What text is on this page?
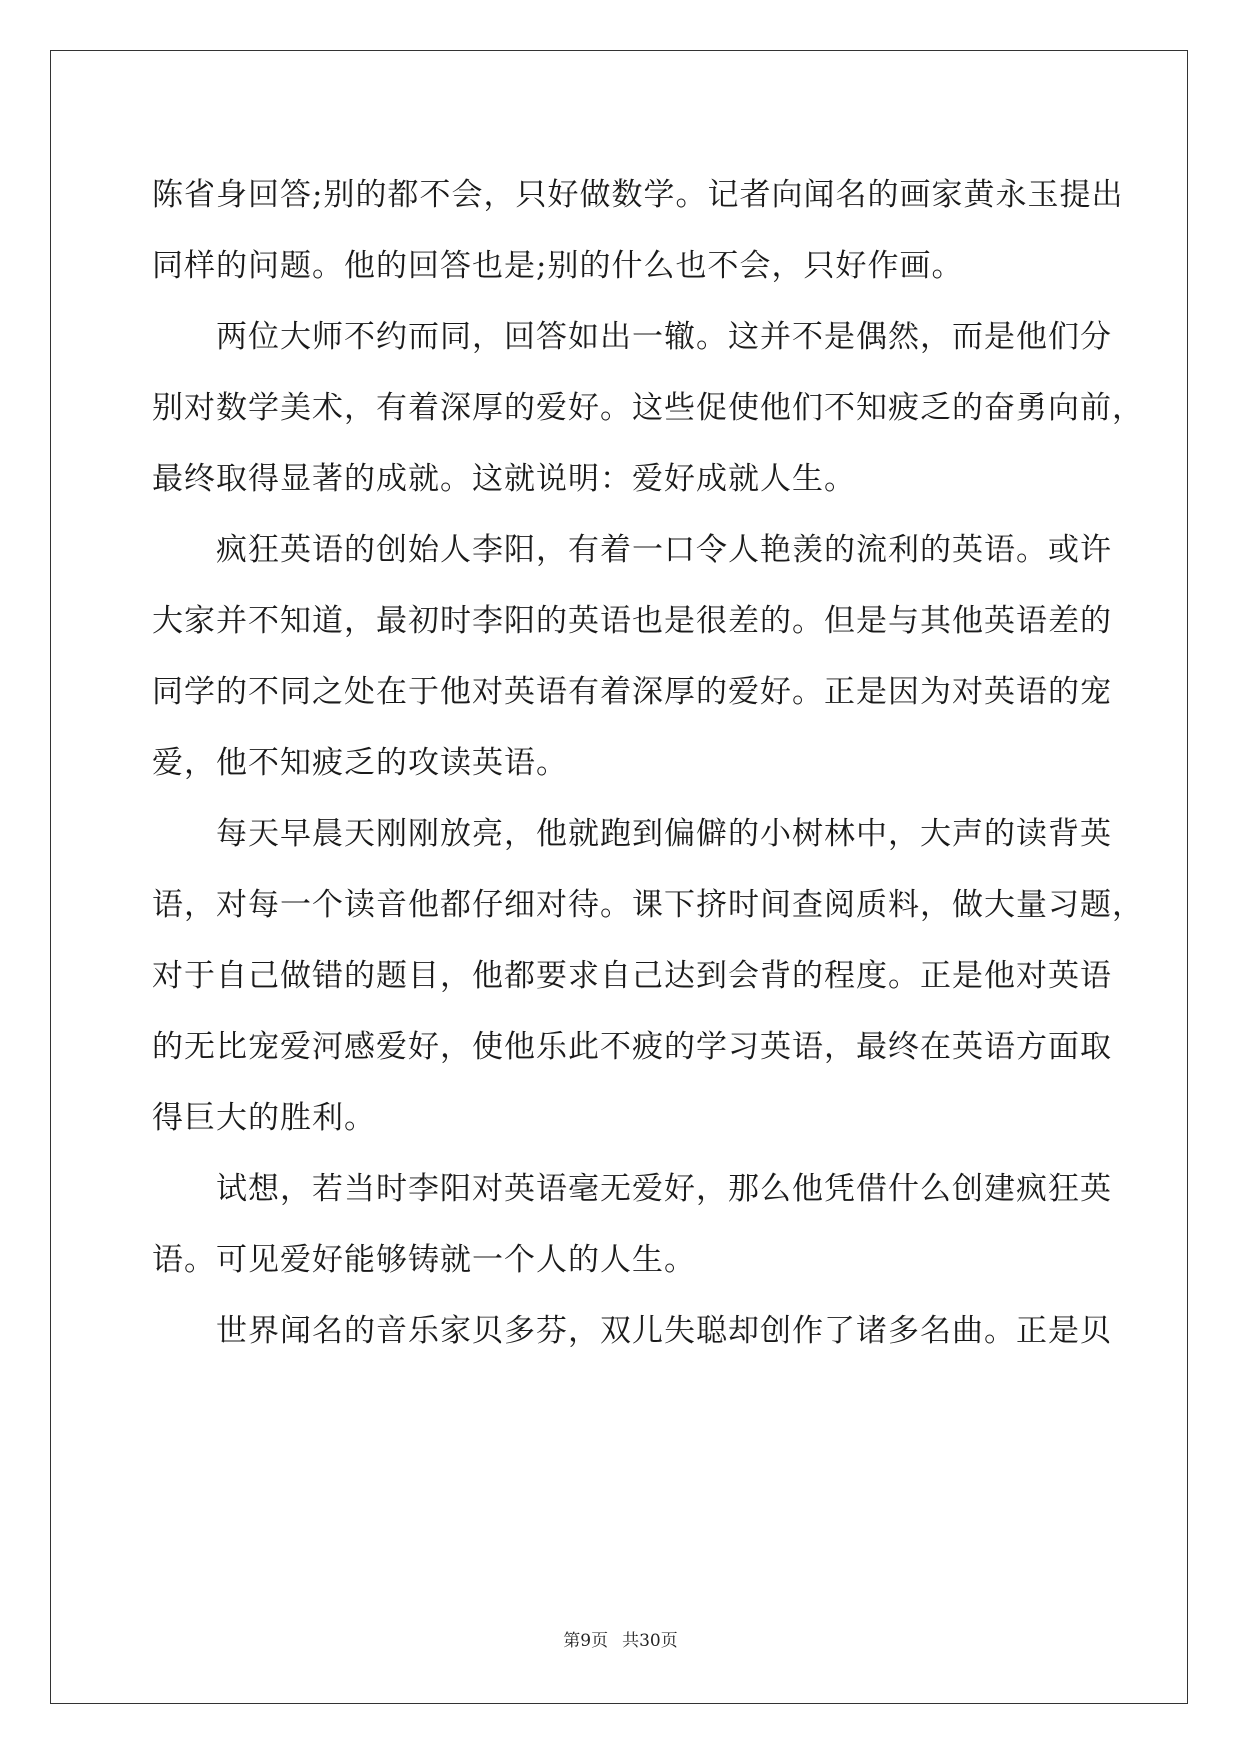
陈省身回答;别的都不会，只好做数学。记者向闻名的画家黄永玉提出
同样的问题。他的回答也是;别的什么也不会，只好作画。
　　两位大师不约而同，回答如出一辙。这并不是偶然，而是他们分
别对数学美术，有着深厚的爱好。这些促使他们不知疲乏的奋勇向前，
最终取得显著的成就。这就说明：爱好成就人生。
　　疯狂英语的创始人李阳，有着一口令人艳羡的流利的英语。或许
大家并不知道，最初时李阳的英语也是很差的。但是与其他英语差的
同学的不同之处在于他对英语有着深厚的爱好。正是因为对英语的宠
爱，他不知疲乏的攻读英语。
　　每天早晨天刚刚放亮，他就跑到偏僻的小树林中，大声的读背英
语，对每一个读音他都仔细对待。课下挤时间查阅质料，做大量习题，
对于自己做错的题目，他都要求自己达到会背的程度。正是他对英语
的无比宠爱河感爱好，使他乐此不疲的学习英语，最终在英语方面取
得巨大的胜利。
　　试想，若当时李阳对英语毫无爱好，那么他凭借什么创建疯狂英
语。可见爱好能够铸就一个人的人生。
　　世界闻名的音乐家贝多芬，双儿失聪却创作了诸多名曲。正是贝
第9页 共30页
